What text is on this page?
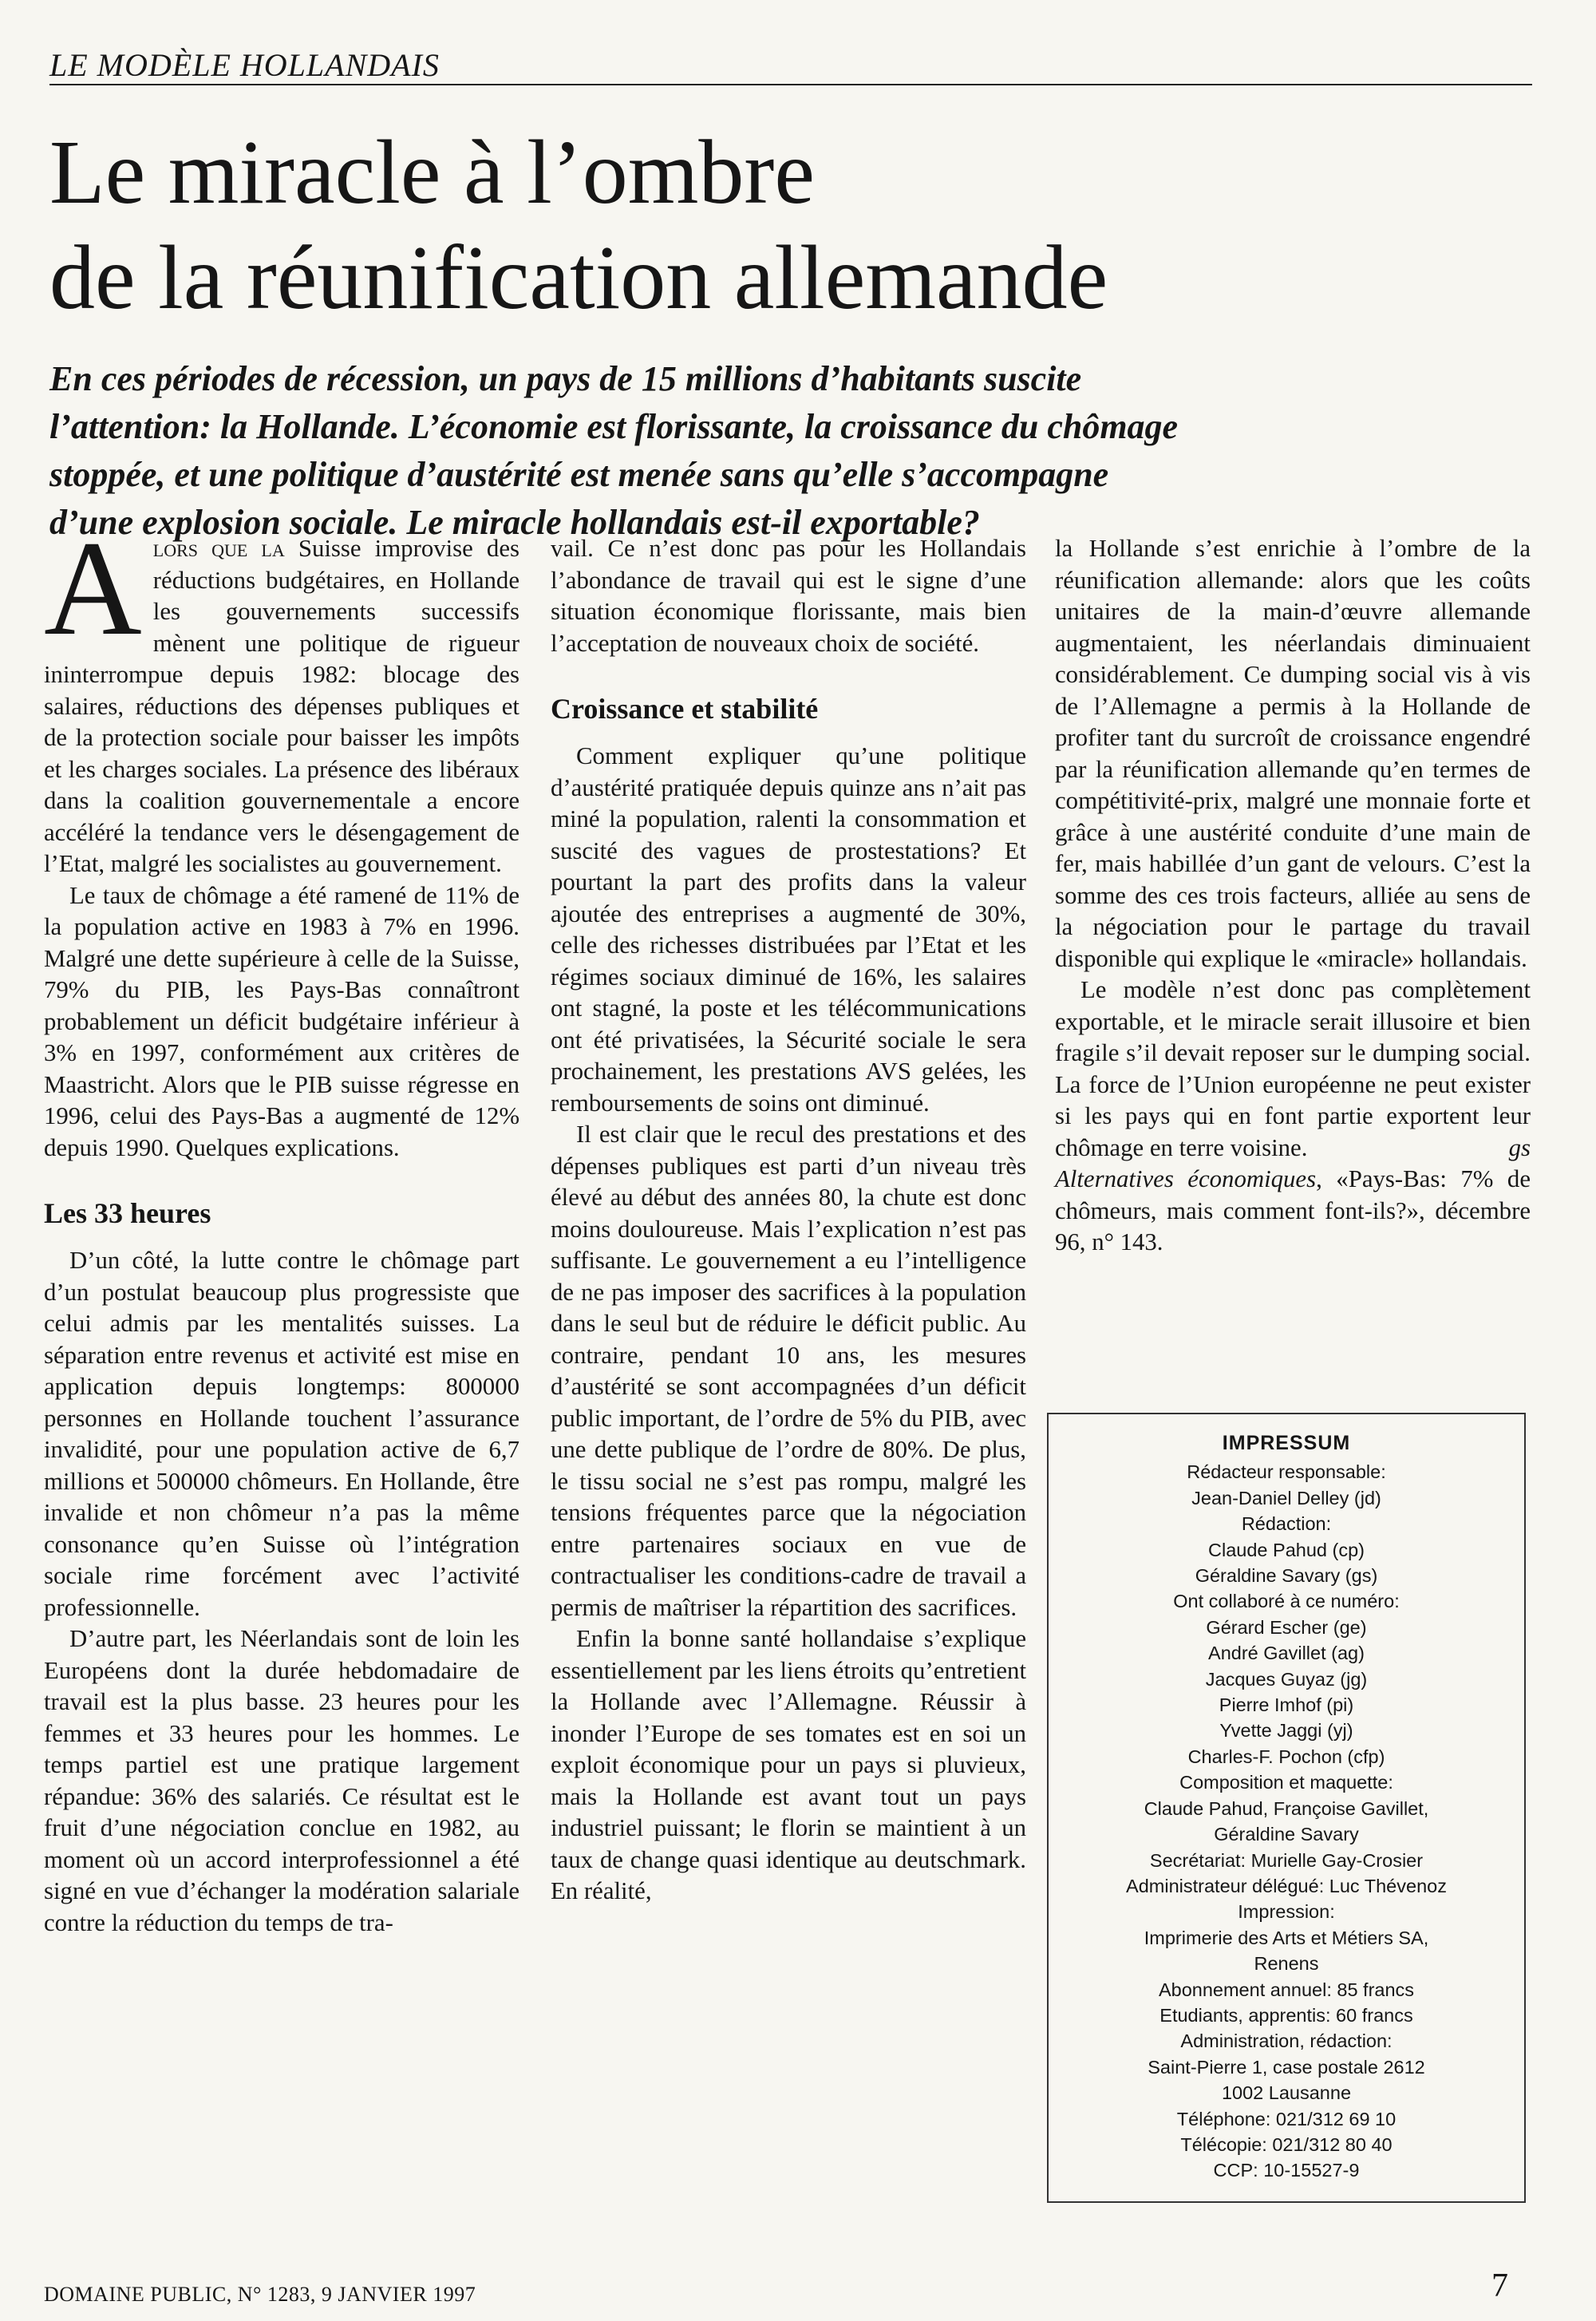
LE MODÈLE HOLLANDAIS
Le miracle à l’ombre
de la réunification allemande
En ces périodes de récession, un pays de 15 millions d’habitants suscite
l’attention: la Hollande. L’économie est florissante, la croissance du chômage
stoppée, et une politique d’austérité est menée sans qu’elle s’accompagne
d’une explosion sociale. Le miracle hollandais est-il exportable?

Alors que la Suisse improvise des réductions budgétaires, en Hollande les gouvernements successifs mènent une politique de rigueur ininterrompue depuis 1982: blocage des salaires, réductions des dépenses publiques et de la protection sociale pour baisser les impôts et les charges sociales. La présence des libéraux dans la coalition gouvernementale a encore accéléré la tendance vers le désengagement de l’Etat, malgré les socialistes au gouvernement.

Le taux de chômage a été ramené de 11% de la population active en 1983 à 7% en 1996. Malgré une dette supérieure à celle de la Suisse, 79% du PIB, les Pays-Bas connaîtront probablement un déficit budgétaire inférieur à 3% en 1997, conformément aux critères de Maastricht. Alors que le PIB suisse régresse en 1996, celui des Pays-Bas a augmenté de 12% depuis 1990. Quelques explications.

Les 33 heures

D’un côté, la lutte contre le chômage part d’un postulat beaucoup plus progressiste que celui admis par les mentalités suisses. La séparation entre revenus et activité est mise en application depuis longtemps: 800000 personnes en Hollande touchent l’assurance invalidité, pour une population active de 6,7 millions et 500000 chômeurs. En Hollande, être invalide et non chômeur n’a pas la même consonance qu’en Suisse où l’intégration sociale rime forcément avec l’activité professionnelle.

D’autre part, les Néerlandais sont de loin les Européens dont la durée hebdomadaire de travail est la plus basse. 23 heures pour les femmes et 33 heures pour les hommes. Le temps partiel est une pratique largement répandue: 36% des salariés. Ce résultat est le fruit d’une négociation conclue en 1982, au moment où un accord interprofessionnel a été signé en vue d’échanger la modération salariale contre la réduction du temps de tra-

vail. Ce n’est donc pas pour les Hollandais l’abondance de travail qui est le signe d’une situation économique florissante, mais bien l’acceptation de nouveaux choix de société.

Croissance et stabilité

Comment expliquer qu’une politique d’austérité pratiquée depuis quinze ans n’ait pas miné la population, ralenti la consommation et suscité des vagues de prostestations? Et pourtant la part des profits dans la valeur ajoutée des entreprises a augmenté de 30%, celle des richesses distribuées par l’Etat et les régimes sociaux diminué de 16%, les salaires ont stagné, la poste et les télécommunications ont été privatisées, la Sécurité sociale le sera prochainement, les prestations AVS gelées, les remboursements de soins ont diminué.

Il est clair que le recul des prestations et des dépenses publiques est parti d’un niveau très élevé au début des années 80, la chute est donc moins douloureuse. Mais l’explication n’est pas suffisante. Le gouvernement a eu l’intelligence de ne pas imposer des sacrifices à la population dans le seul but de réduire le déficit public. Au contraire, pendant 10 ans, les mesures d’austérité se sont accompagnées d’un déficit public important, de l’ordre de 5% du PIB, avec une dette publique de l’ordre de 80%. De plus, le tissu social ne s’est pas rompu, malgré les tensions fréquentes parce que la négociation entre partenaires sociaux en vue de contractualiser les conditions-cadre de travail a permis de maîtriser la répartition des sacrifices.

Enfin la bonne santé hollandaise s’explique essentiellement par les liens étroits qu’entretient la Hollande avec l’Allemagne. Réussir à inonder l’Europe de ses tomates est en soi un exploit économique pour un pays si pluvieux, mais la Hollande est avant tout un pays industriel puissant; le florin se maintient à un taux de change quasi identique au deutschmark. En réalité,

la Hollande s’est enrichie à l’ombre de la réunification allemande: alors que les coûts unitaires de la main-d’œuvre allemande augmentaient, les néerlandais diminuaient considérablement. Ce dumping social vis à vis de l’Allemagne a permis à la Hollande de profiter tant du surcroît de croissance engendré par la réunification allemande qu’en termes de compétitivité-prix, malgré une monnaie forte et grâce à une austérité conduite d’une main de fer, mais habillée d’un gant de velours. C’est la somme des ces trois facteurs, alliée au sens de la négociation pour le partage du travail disponible qui explique le «miracle» hollandais.

Le modèle n’est donc pas complètement exportable, et le miracle serait illusoire et bien fragile s’il devait reposer sur le dumping social. La force de l’Union européenne ne peut exister si les pays qui en font partie exportent leur chômage en terre voisine.	gs

Alternatives économiques, «Pays-Bas: 7% de chômeurs, mais comment font-ils?», décembre 96, n° 143.

IMPRESSUM
Rédacteur responsable:
Jean-Daniel Delley (jd)
Rédaction:
Claude Pahud (cp)
Géraldine Savary (gs)
Ont collaboré à ce numéro:
Gérard Escher (ge)
André Gavillet (ag)
Jacques Guyaz (jg)
Pierre Imhof (pi)
Yvette Jaggi (yj)
Charles-F. Pochon (cfp)
Composition et maquette:
Claude Pahud, Françoise Gavillet,
Géraldine Savary
Secrétariat: Murielle Gay-Crosier
Administrateur délégué: Luc Thévenoz
Impression:
Imprimerie des Arts et Métiers SA,
Renens
Abonnement annuel: 85 francs
Etudiants, apprentis: 60 francs
Administration, rédaction:
Saint-Pierre 1, case postale 2612
1002 Lausanne
Téléphone: 021/312 69 10
Télécopie: 021/312 80 40
CCP: 10-15527-9
DOMAINE PUBLIC, N° 1283, 9 JANVIER 1997	7
